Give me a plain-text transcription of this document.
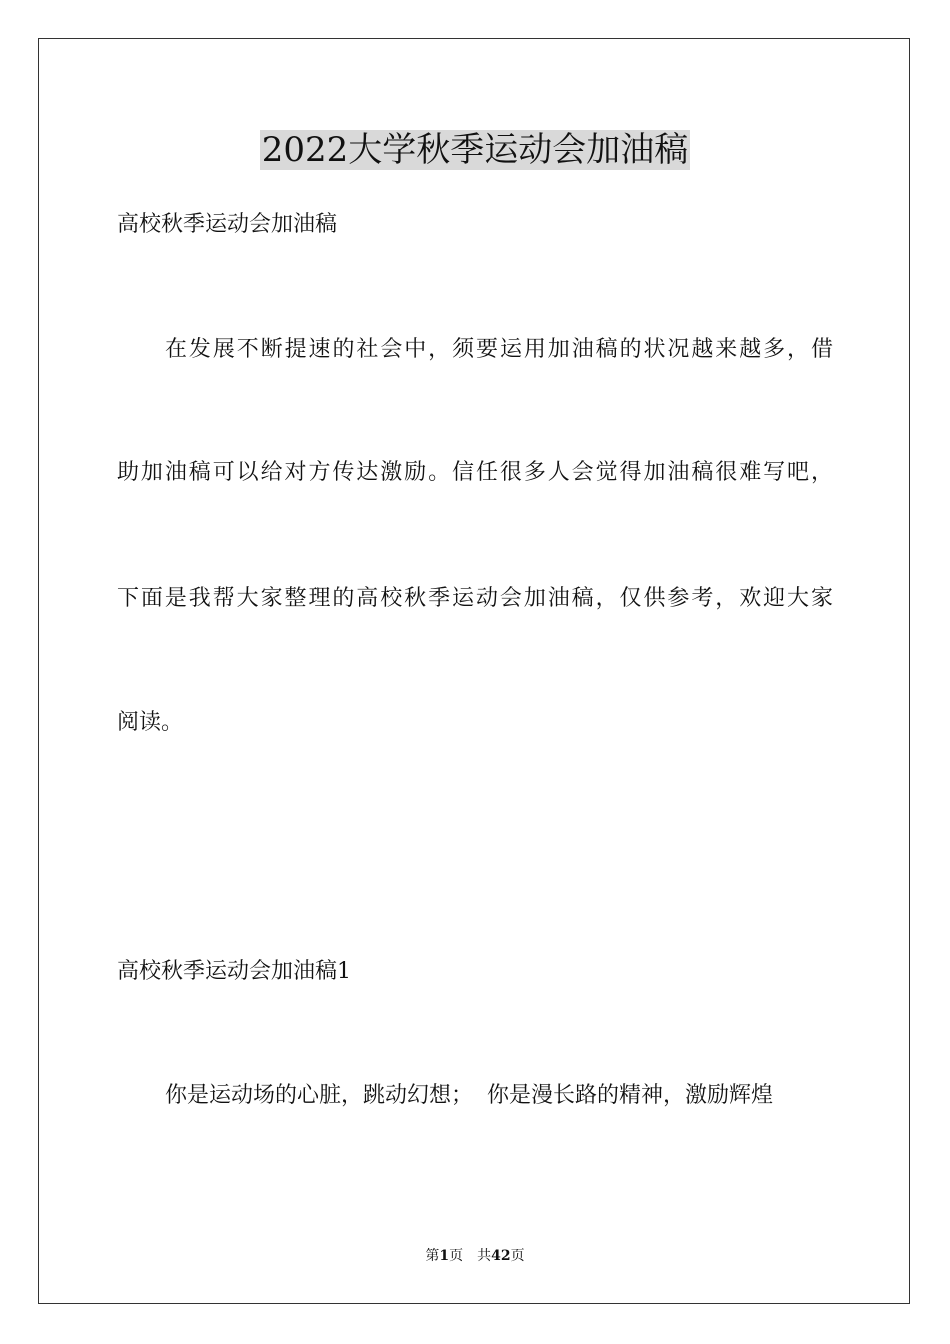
2022大学秋季运动会加油稿
高校秋季运动会加油稿
在发展不断提速的社会中，须要运用加油稿的状况越来越多，借
助加油稿可以给对方传达激励。信任很多人会觉得加油稿很难写吧，
下面是我帮大家整理的高校秋季运动会加油稿，仅供参考，欢迎大家
阅读。
高校秋季运动会加油稿1
你是运动场的心脏，跳动幻想；  你是漫长路的精神，激励辉煌
第1页 共42页
